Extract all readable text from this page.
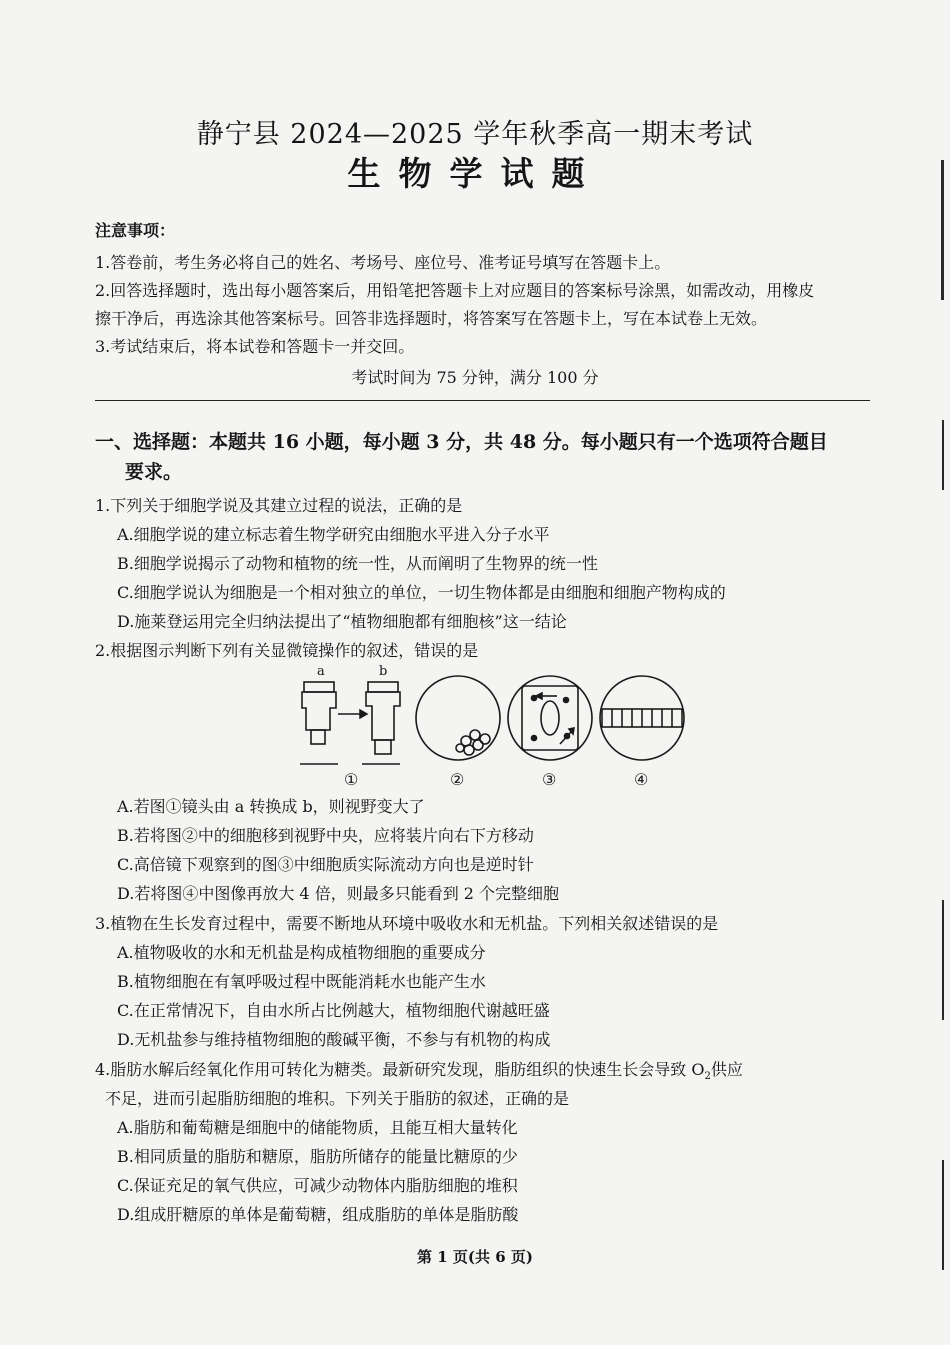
静宁县 2024—2025 学年秋季高一期末考试
生物学试题
注意事项：
1.答卷前，考生务必将自己的姓名、考场号、座位号、准考证号填写在答题卡上。
2.回答选择题时，选出每小题答案后，用铅笔把答题卡上对应题目的答案标号涂黑，如需改动，用橡皮
擦干净后，再选涂其他答案标号。回答非选择题时，将答案写在答题卡上，写在本试卷上无效。
3.考试结束后，将本试卷和答题卡一并交回。
考试时间为 75 分钟，满分 100 分
一、选择题：本题共 16 小题，每小题 3 分，共 48 分。每小题只有一个选项符合题目
要求。
1.下列关于细胞学说及其建立过程的说法，正确的是
A.细胞学说的建立标志着生物学研究由细胞水平进入分子水平
B.细胞学说揭示了动物和植物的统一性，从而阐明了生物界的统一性
C.细胞学说认为细胞是一个相对独立的单位，一切生物体都是由细胞和细胞产物构成的
D.施莱登运用完全归纳法提出了“植物细胞都有细胞核”这一结论
2.根据图示判断下列有关显微镜操作的叙述，错误的是
a	b
①	②	③	④
A.若图①镜头由 a 转换成 b，则视野变大了
B.若将图②中的细胞移到视野中央，应将装片向右下方移动
C.高倍镜下观察到的图③中细胞质实际流动方向也是逆时针
D.若将图④中图像再放大 4 倍，则最多只能看到 2 个完整细胞
3.植物在生长发育过程中，需要不断地从环境中吸收水和无机盐。下列相关叙述错误的是
A.植物吸收的水和无机盐是构成植物细胞的重要成分
B.植物细胞在有氧呼吸过程中既能消耗水也能产生水
C.在正常情况下，自由水所占比例越大，植物细胞代谢越旺盛
D.无机盐参与维持植物细胞的酸碱平衡，不参与有机物的构成
4.脂肪水解后经氧化作用可转化为糖类。最新研究发现，脂肪组织的快速生长会导致 $O_2$供应
不足，进而引起脂肪细胞的堆积。下列关于脂肪的叙述，正确的是
A.脂肪和葡萄糖是细胞中的储能物质，且能互相大量转化
B.相同质量的脂肪和糖原，脂肪所储存的能量比糖原的少
C.保证充足的氧气供应，可减少动物体内脂肪细胞的堆积
D.组成肝糖原的单体是葡萄糖，组成脂肪的单体是脂肪酸
第 1 页(共 6 页)
